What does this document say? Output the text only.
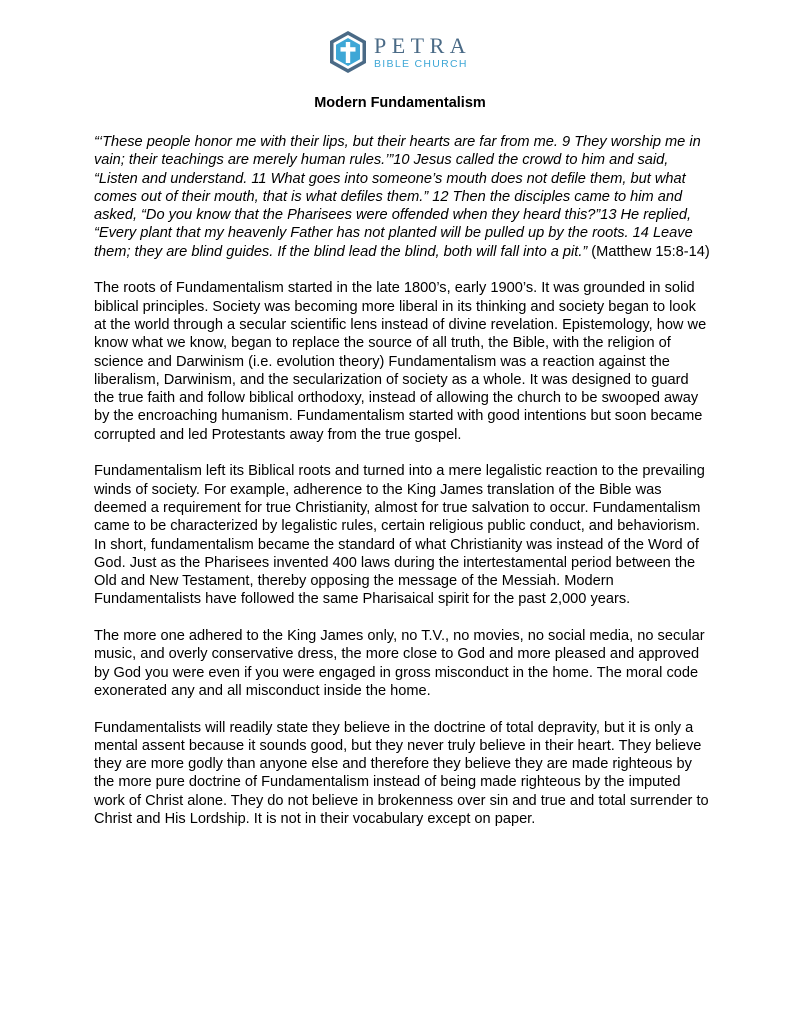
PETRA
BIBLE CHURCH
Modern Fundamentalism

“‘These people honor me with their lips, but their hearts are far from me. 9 They worship me in vain; their teachings are merely human rules.’”10 Jesus called the crowd to him and said, “Listen and understand. 11 What goes into someone’s mouth does not defile them, but what comes out of their mouth, that is what defiles them.” 12 Then the disciples came to him and asked, “Do you know that the Pharisees were offended when they heard this?”13 He replied, “Every plant that my heavenly Father has not planted will be pulled up by the roots. 14 Leave them; they are blind guides. If the blind lead the blind, both will fall into a pit.” (Matthew 15:8-14)

The roots of Fundamentalism started in the late 1800’s, early 1900’s. It was grounded in solid biblical principles. Society was becoming more liberal in its thinking and society began to look at the world through a secular scientific lens instead of divine revelation. Epistemology, how we know what we know, began to replace the source of all truth, the Bible, with the religion of science and Darwinism (i.e. evolution theory) Fundamentalism was a reaction against the liberalism, Darwinism, and the secularization of society as a whole. It was designed to guard the true faith and follow biblical orthodoxy, instead of allowing the church to be swooped away by the encroaching humanism. Fundamentalism started with good intentions but soon became corrupted and led Protestants away from the true gospel.

Fundamentalism left its Biblical roots and turned into a mere legalistic reaction to the prevailing winds of society. For example, adherence to the King James translation of the Bible was deemed a requirement for true Christianity, almost for true salvation to occur. Fundamentalism came to be characterized by legalistic rules, certain religious public conduct, and behaviorism. In short, fundamentalism became the standard of what Christianity was instead of the Word of God. Just as the Pharisees invented 400 laws during the intertestamental period between the Old and New Testament, thereby opposing the message of the Messiah. Modern Fundamentalists have followed the same Pharisaical spirit for the past 2,000 years.

The more one adhered to the King James only, no T.V., no movies, no social media, no secular music, and overly conservative dress, the more close to God and more pleased and approved by God you were even if you were engaged in gross misconduct in the home. The moral code exonerated any and all misconduct inside the home.

Fundamentalists will readily state they believe in the doctrine of total depravity, but it is only a mental assent because it sounds good, but they never truly believe in their heart. They believe they are more godly than anyone else and therefore they believe they are made righteous by the more pure doctrine of Fundamentalism instead of being made righteous by the imputed work of Christ alone. They do not believe in brokenness over sin and true and total surrender to Christ and His Lordship. It is not in their vocabulary except on paper.
